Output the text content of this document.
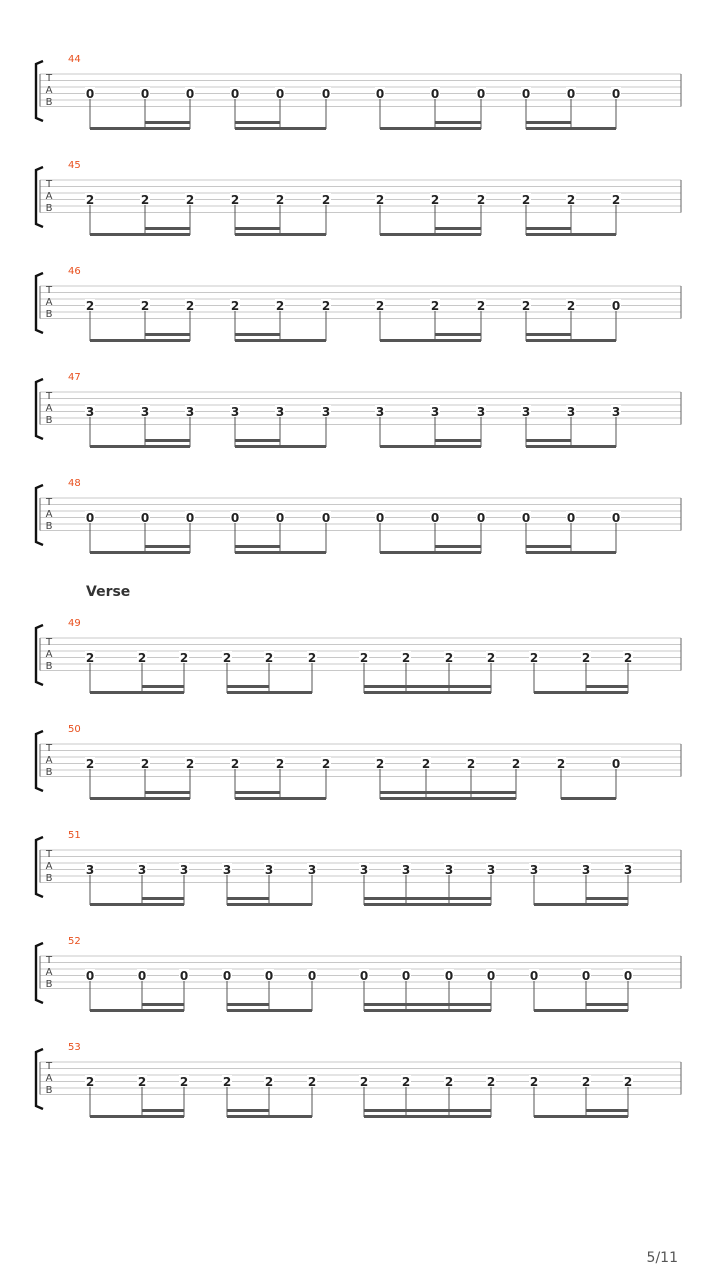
44
T
A
B
0	0	0	0	0	0	0	0	0	0	0	0
45
T
A
B
2	2	2	2	2	2	2	2	2	2	2	2
46
T
A
B
2	2	2	2	2	2	2	2	2	2	2	0
47
T
A
B
3	3	3	3	3	3	3	3	3	3	3	3
48
T
A
B
0	0	0	0	0	0	0	0	0	0	0	0
49
T
A
B
2	2	2	2	2	2	2	2	2	2	2	2	2
50
T
A
B
2	2	2	2	2	2	2	2	2	2	2	0
51
T
A
B
3	3	3	3	3	3	3	3	3	3	3	3	3
52
T
A
B
0	0	0	0	0	0	0	0	0	0	0	0	0
53
T
A
B
2	2	2	2	2	2	2	2	2	2	2	2	2
Verse
5/11
